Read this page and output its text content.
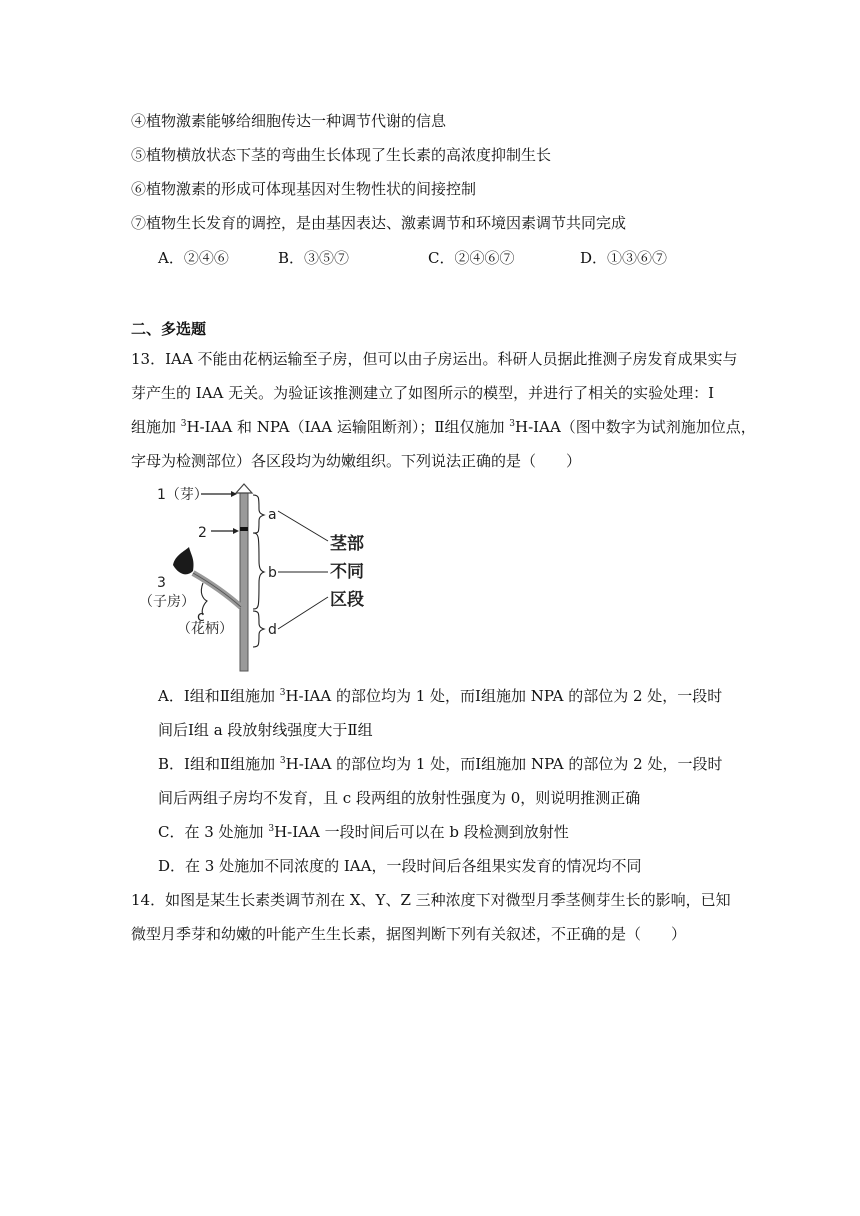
④植物激素能够给细胞传达一种调节代谢的信息
⑤植物横放状态下茎的弯曲生长体现了生长素的高浓度抑制生长
⑥植物激素的形成可体现基因对生物性状的间接控制
⑦植物生长发育的调控，是由基因表达、激素调节和环境因素调节共同完成
A．②④⑥	B．③⑤⑦	C．②④⑥⑦	D．①③⑥⑦
二、多选题
13．IAA 不能由花柄运输至子房，但可以由子房运出。科研人员据此推测子房发育成果实与
芽产生的 IAA 无关。为验证该推测建立了如图所示的模型，并进行了相关的实验处理：Ⅰ
组施加 $^3$H-IAA 和 NPA（IAA 运输阻断剂）；Ⅱ组仅施加 $^3$H-IAA（图中数字为试剂施加位点，
字母为检测部位）各区段均为幼嫩组织。下列说法正确的是（　　）
1（芽）
2
3
（子房）
c
（花柄）
a
b
d
茎部
不同
区段
A．Ⅰ组和Ⅱ组施加 $^3$H-IAA 的部位均为 1 处，而Ⅰ组施加 NPA 的部位为 2 处，一段时
间后Ⅰ组 a 段放射线强度大于Ⅱ组
B．Ⅰ组和Ⅱ组施加 $^3$H-IAA 的部位均为 1 处，而Ⅰ组施加 NPA 的部位为 2 处，一段时
间后两组子房均不发育，且 c 段两组的放射性强度为 0，则说明推测正确
C．在 3 处施加 $^3$H-IAA 一段时间后可以在 b 段检测到放射性
D．在 3 处施加不同浓度的 IAA，一段时间后各组果实发育的情况均不同
14．如图是某生长素类调节剂在 X、Y、Z 三种浓度下对微型月季茎侧芽生长的影响，已知
微型月季芽和幼嫩的叶能产生生长素，据图判断下列有关叙述，不正确的是（　　）
